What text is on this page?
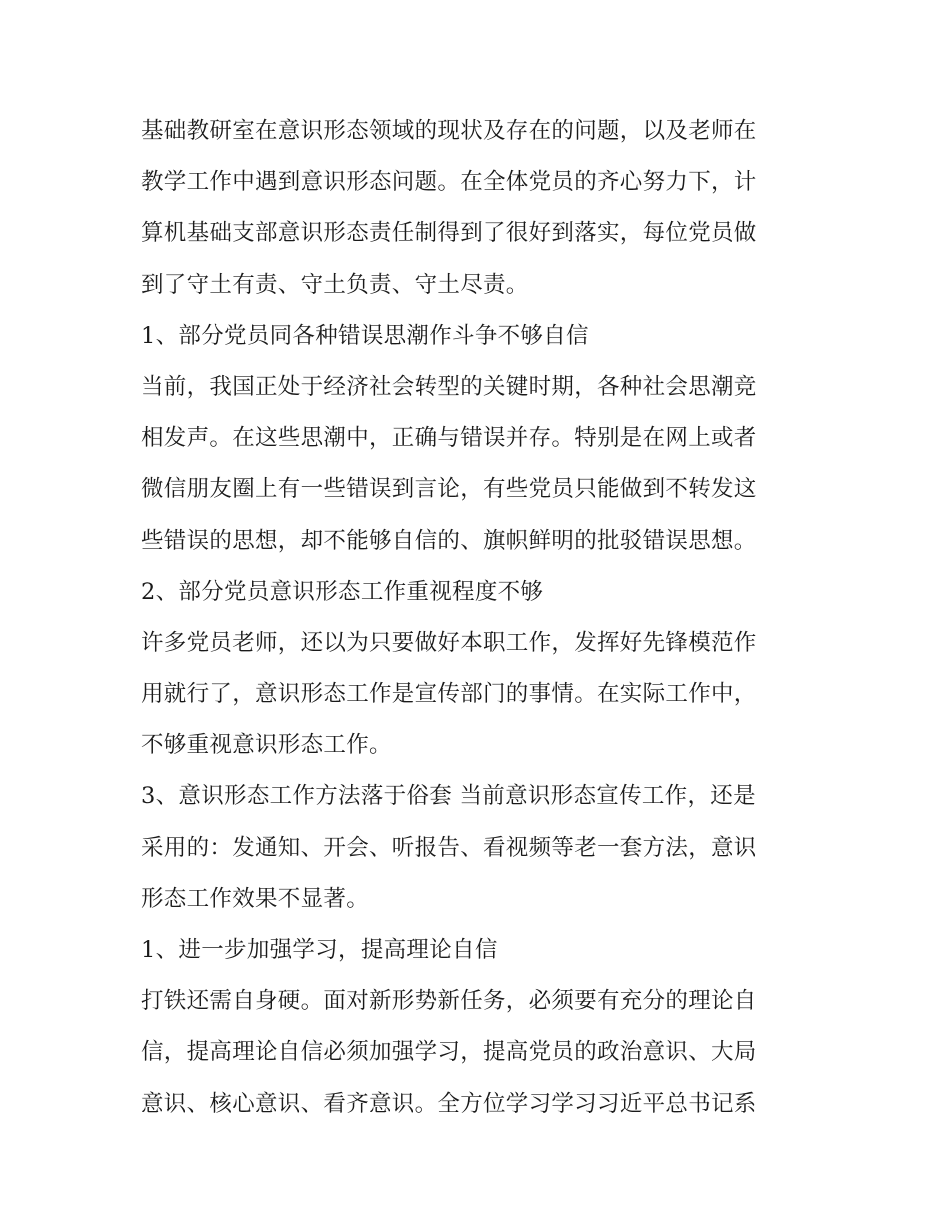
基础教研室在意识形态领域的现状及存在的问题，以及老师在
教学工作中遇到意识形态问题。在全体党员的齐心努力下，计
算机基础支部意识形态责任制得到了很好到落实，每位党员做
到了守土有责、守土负责、守土尽责。
1、部分党员同各种错误思潮作斗争不够自信
当前，我国正处于经济社会转型的关键时期，各种社会思潮竞
相发声。在这些思潮中，正确与错误并存。特别是在网上或者
微信朋友圈上有一些错误到言论，有些党员只能做到不转发这
些错误的思想，却不能够自信的、旗帜鲜明的批驳错误思想。
2、部分党员意识形态工作重视程度不够
许多党员老师，还以为只要做好本职工作，发挥好先锋模范作
用就行了，意识形态工作是宣传部门的事情。在实际工作中，
不够重视意识形态工作。
3、意识形态工作方法落于俗套 当前意识形态宣传工作，还是
采用的：发通知、开会、听报告、看视频等老一套方法，意识
形态工作效果不显著。
1、进一步加强学习，提高理论自信
打铁还需自身硬。面对新形势新任务，必须要有充分的理论自
信，提高理论自信必须加强学习，提高党员的政治意识、大局
意识、核心意识、看齐意识。全方位学习学习习近平总书记系
